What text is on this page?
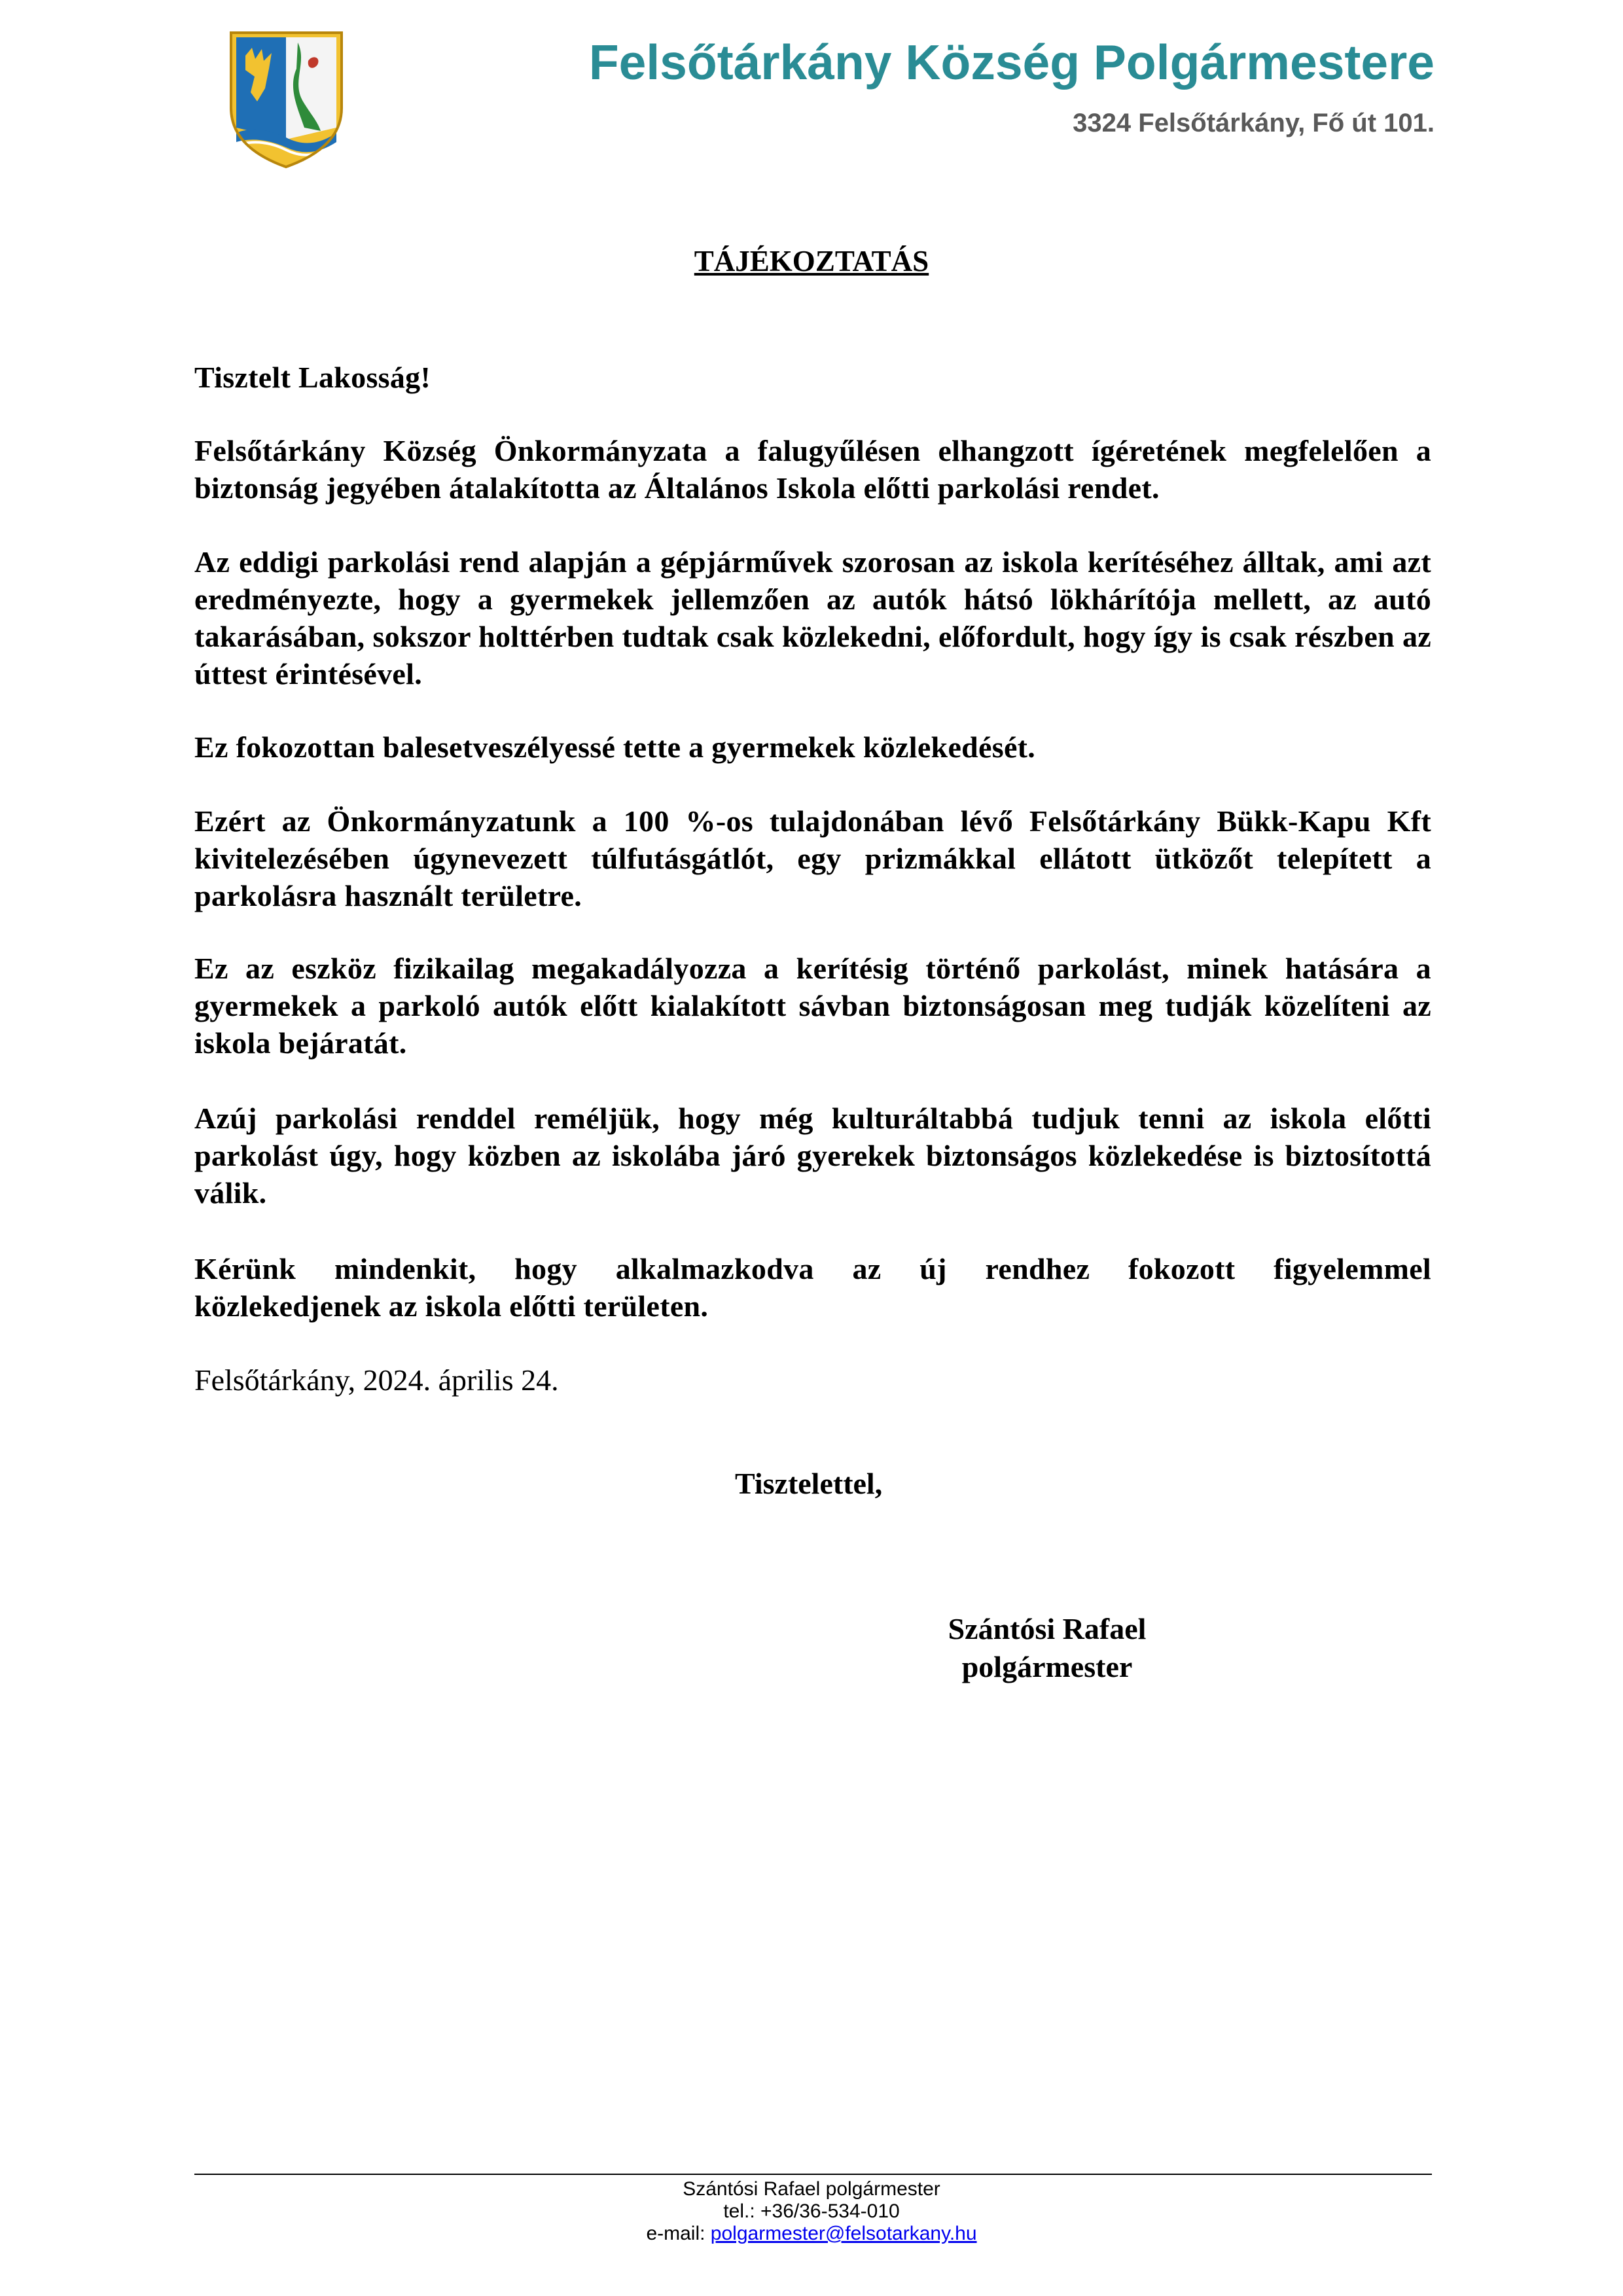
Felsőtárkány Község Polgármestere
3324 Felsőtárkány, Fő út 101.
TÁJÉKOZTATÁS
Tisztelt Lakosság!
Felsőtárkány Község Önkormányzata a falugyűlésen elhangzott ígéretének megfelelően a biztonság jegyében átalakította az Általános Iskola előtti parkolási rendet.
Az eddigi parkolási rend alapján a gépjárművek szorosan az iskola kerítéséhez álltak, ami azt eredményezte, hogy a gyermekek jellemzően az autók hátsó lökhárítója mellett, az autó takarásában, sokszor holttérben tudtak csak közlekedni, előfordult, hogy így is csak részben az úttest érintésével.
Ez fokozottan balesetveszélyessé tette a gyermekek közlekedését.
Ezért az Önkormányzatunk a 100 %-os tulajdonában lévő Felsőtárkány Bükk-Kapu Kft kivitelezésében úgynevezett túlfutásgátlót, egy prizmákkal ellátott ütközőt telepített a parkolásra használt területre.
Ez az eszköz fizikailag megakadályozza a kerítésig történő parkolást, minek hatására a gyermekek a parkoló autók előtt kialakított sávban biztonságosan meg tudják közelíteni az iskola bejáratát.
Azúj parkolási renddel reméljük, hogy még kulturáltabbá tudjuk tenni az iskola előtti parkolást úgy, hogy közben az iskolába járó gyerekek biztonságos közlekedése is biztosítottá válik.
Kérünk mindenkit, hogy alkalmazkodva az új rendhez fokozott figyelemmel
közlekedjenek az iskola előtti területen.
Felsőtárkány, 2024. április 24.
Tisztelettel,
Szántósi Rafael
polgármester
Szántósi Rafael polgármester
tel.: +36/36-534-010
e-mail: polgarmester@felsotarkany.hu
